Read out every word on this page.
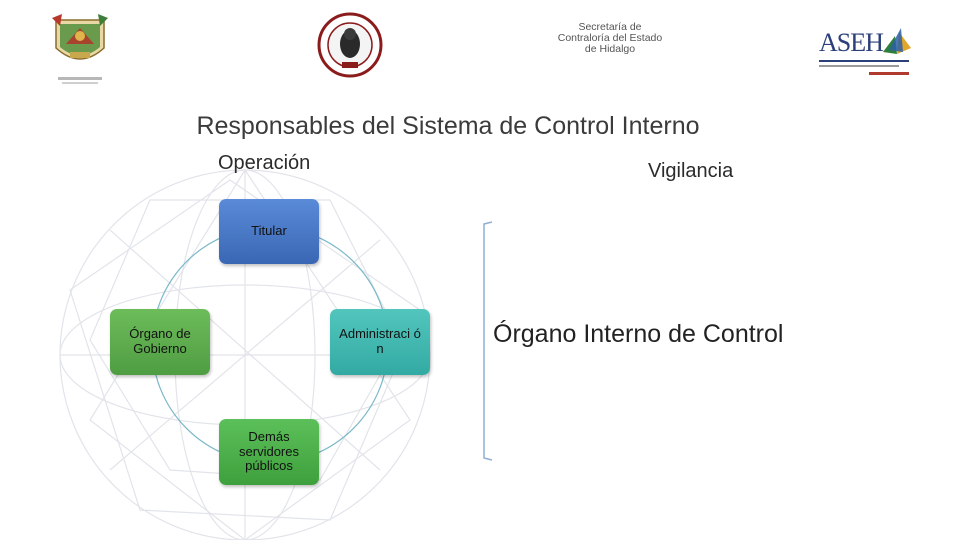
Secretaría de
Contraloría del Estado
de Hidalgo	ASEH
Responsables del Sistema de Control Interno
Operación	Vigilancia
Titular
Órgano de Gobierno
Administraci ón
Demás servidores públicos
Órgano Interno de Control
